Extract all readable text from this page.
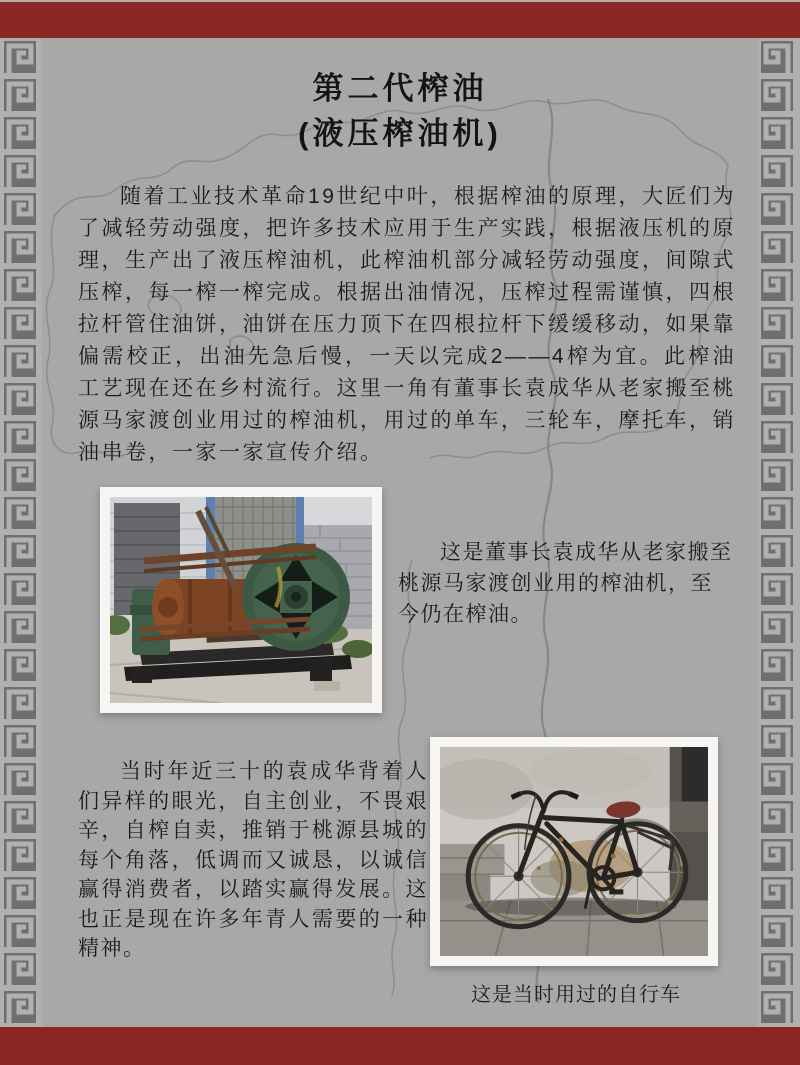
第二代榨油
(液压榨油机)
随着工业技术革命19世纪中叶，根据榨油的原理，大匠们为了减轻劳动强度，把许多技术应用于生产实践，根据液压机的原理，生产出了液压榨油机，此榨油机部分减轻劳动强度，间隙式压榨，每一榨一榨完成。根据出油情况，压榨过程需谨慎，四根拉杆管住油饼，油饼在压力顶下在四根拉杆下缓缓移动，如果靠偏需校正，出油先急后慢，一天以完成2——4榨为宜。此榨油工艺现在还在乡村流行。这里一角有董事长袁成华从老家搬至桃源马家渡创业用过的榨油机，用过的单车，三轮车，摩托车，销油串卷，一家一家宣传介绍。
这是董事长袁成华从老家搬至桃源马家渡创业用的榨油机，至今仍在榨油。
当时年近三十的袁成华背着人们异样的眼光，自主创业，不畏艰辛，自榨自卖，推销于桃源县城的每个角落，低调而又诚恳，以诚信赢得消费者，以踏实赢得发展。这也正是现在许多年青人需要的一种精神。
这是当时用过的自行车
